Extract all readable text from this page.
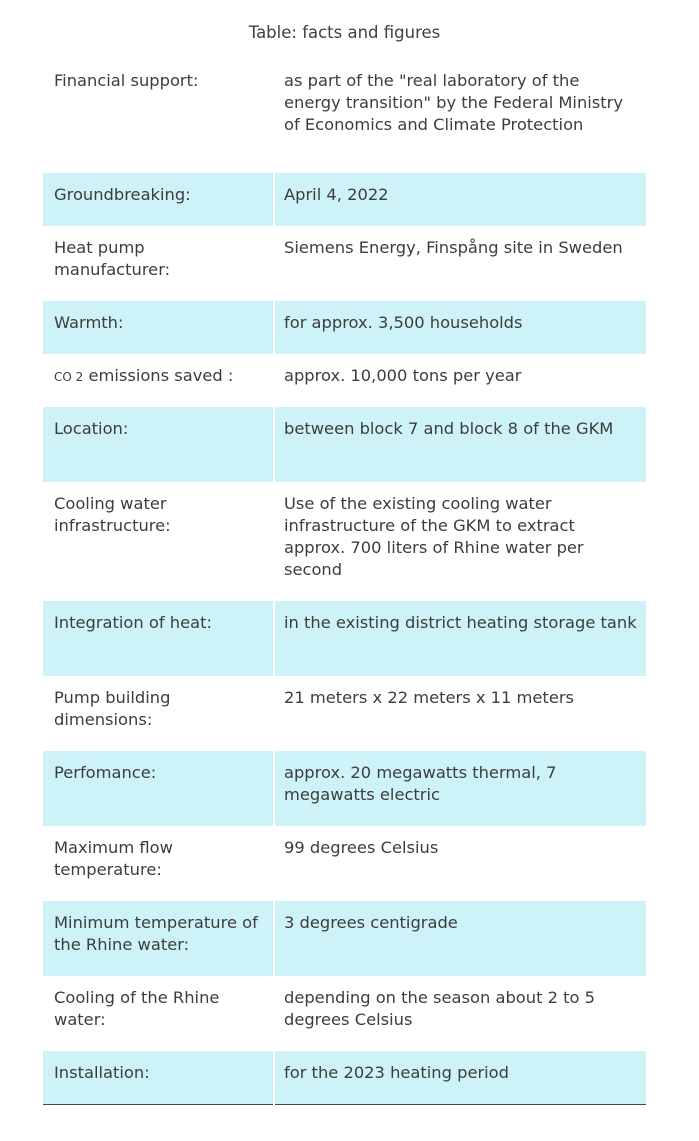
Table: facts and figures
Financial support:	as part of the "real laboratory of the energy transition" by the Federal Ministry of Economics and Climate Protection
Groundbreaking:	April 4, 2022
Heat pump manufacturer:	Siemens Energy, Finspång site in Sweden
Warmth:	for approx. 3,500 households
CO 2 emissions saved :	approx. 10,000 tons per year
Location:	between block 7 and block 8 of the GKM
Cooling water infrastructure:	Use of the existing cooling water infrastructure of the GKM to extract approx. 700 liters of Rhine water per second
Integration of heat:	in the existing district heating storage tank
Pump building dimensions:	21 meters x 22 meters x 11 meters
Perfomance:	approx. 20 megawatts thermal, 7 megawatts electric
Maximum flow temperature:	99 degrees Celsius
Minimum temperature of the Rhine water:	3 degrees centigrade
Cooling of the Rhine water:	depending on the season about 2 to 5 degrees Celsius
Installation:	for the 2023 heating period
